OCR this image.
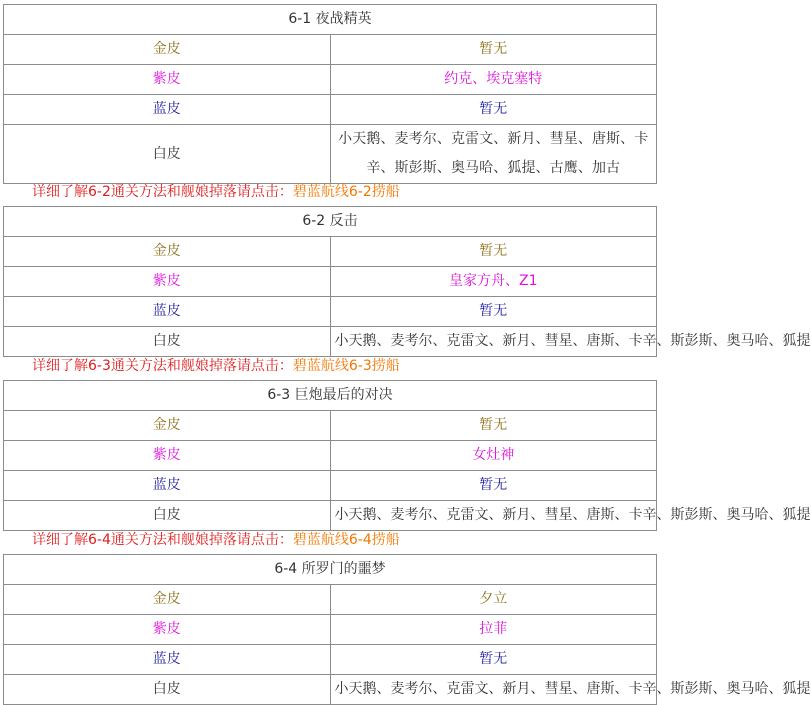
6-1 夜战精英	
金皮	暂无
紫皮	约克、埃克塞特
蓝皮	暂无
白皮	小天鹅、麦考尔、克雷文、新月、彗星、唐斯、卡辛、斯彭斯、奥马哈、狐提、古鹰、加古
详细了解6-2通关方法和舰娘掉落请点击：碧蓝航线6-2捞船
6-2 反击	
金皮	暂无
紫皮	皇家方舟、Z1
蓝皮	暂无
白皮	小天鹅、麦考尔、克雷文、新月、彗星、唐斯、卡辛、斯彭斯、奥马哈、狐提
详细了解6-3通关方法和舰娘掉落请点击：碧蓝航线6-3捞船
6-3 巨炮最后的对决	
金皮	暂无
紫皮	女灶神
蓝皮	暂无
白皮	小天鹅、麦考尔、克雷文、新月、彗星、唐斯、卡辛、斯彭斯、奥马哈、狐提
详细了解6-4通关方法和舰娘掉落请点击：碧蓝航线6-4捞船
6-4 所罗门的噩梦	
金皮	夕立
紫皮	拉菲
蓝皮	暂无
白皮	小天鹅、麦考尔、克雷文、新月、彗星、唐斯、卡辛、斯彭斯、奥马哈、狐提
